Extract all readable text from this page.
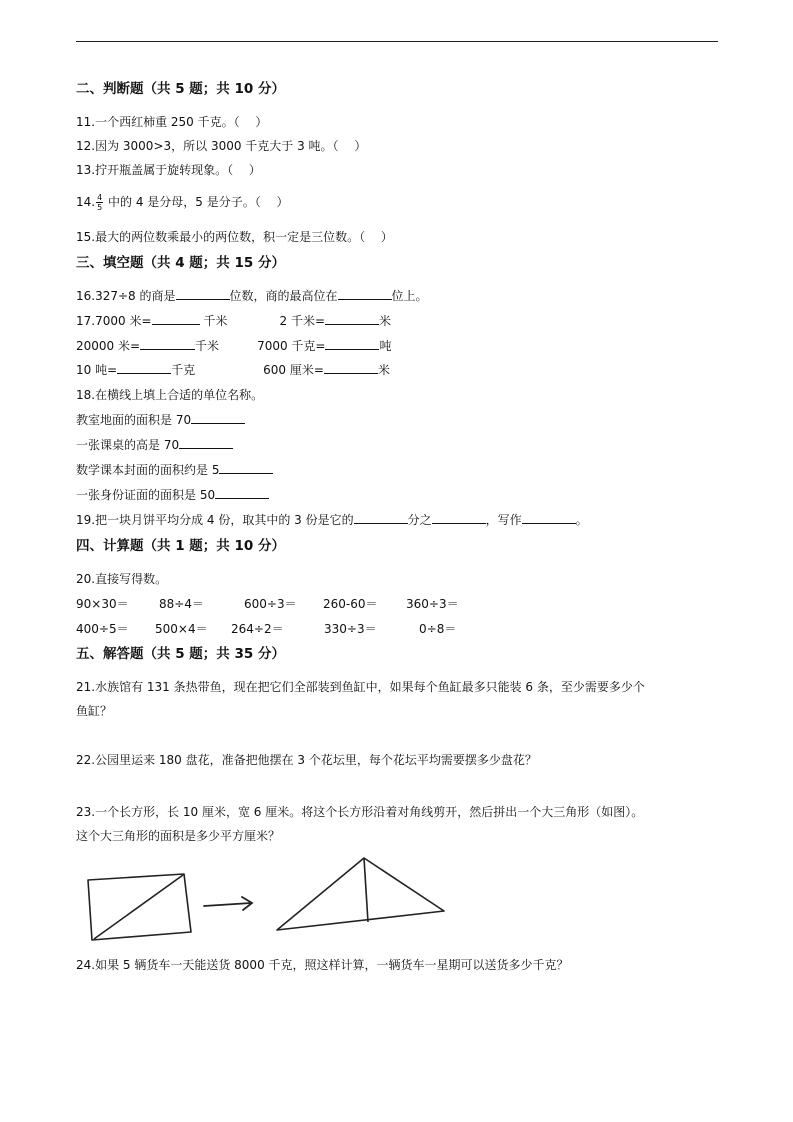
二、判断题（共 5 题；共 10 分）
11.一个西红柿重 250 千克。（　 ）
12.因为 3000>3，所以 3000 千克大于 3 吨。（　 ）
13.拧开瓶盖属于旋转现象。（　 ）
14. $\frac{4}{5}$ 中的 4 是分母，5 是分子。（　 ）
15.最大的两位数乘最小的两位数，积一定是三位数。（　 ）
三、填空题（共 4 题；共 15 分）
16.327÷8 的商是	位数，商的最高位在	位上。
17.7000 米=	千米	2 千米=	米
20000 米=	千米	7000 千克=	吨
10 吨=	千克	600 厘米=	米
18.在横线上填上合适的单位名称。
教室地面的面积是 70
一张课桌的高是 70
数学课本封面的面积约是 5
一张身份证面的面积是 50
19.把一块月饼平均分成 4 份，取其中的 3 份是它的	分之	，写作	。
四、计算题（共 1 题；共 10 分）
20.直接写得数。
90×30＝	88÷4＝	600÷3＝ 260-60＝ 360÷3＝
400÷5＝ 500×4＝ 264÷2＝	330÷3＝	0÷8＝
五、解答题（共 5 题；共 35 分）
21.水族馆有 131 条热带鱼，现在把它们全部装到鱼缸中，如果每个鱼缸最多只能装 6 条，至少需要多少个
鱼缸？
22.公园里运来 180 盘花，准备把他摆在 3 个花坛里，每个花坛平均需要摆多少盘花？
23.一个长方形，长 10 厘米，宽 6 厘米。将这个长方形沿着对角线剪开，然后拼出一个大三角形（如图）。
这个大三角形的面积是多少平方厘米？
24.如果 5 辆货车一天能送货 8000 千克，照这样计算，一辆货车一星期可以送货多少千克？
